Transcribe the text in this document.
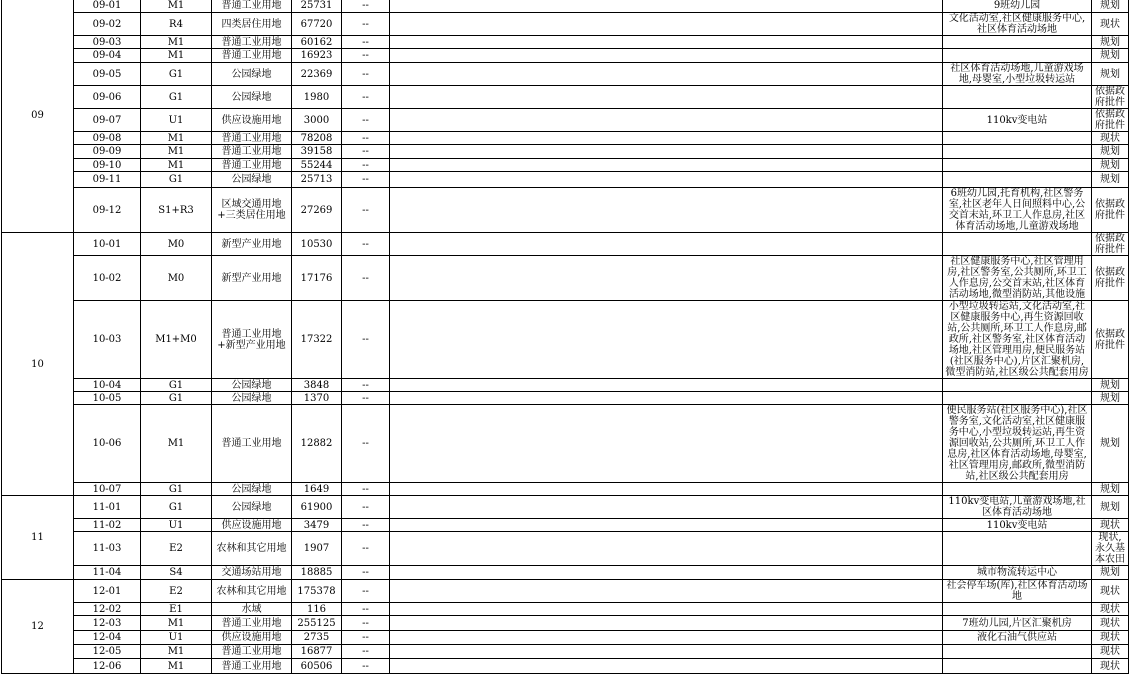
09	09-01	M1	普通工业用地	25731	--		9班幼儿园	规划
	09-02	R4	四类居住用地	67720	--		文化活动室,社区健康服务中心,社区体育活动场地	现状
	09-03	M1	普通工业用地	60162	--			规划
	09-04	M1	普通工业用地	16923	--			规划
	09-05	G1	公园绿地	22369	--		社区体育活动场地,儿童游戏场地,母婴室,小型垃圾转运站	规划
	09-06	G1	公园绿地	1980	--			依据政府批件
	09-07	U1	供应设施用地	3000	--		110kv变电站	依据政府批件
	09-08	M1	普通工业用地	78208	--			现状
	09-09	M1	普通工业用地	39158	--			规划
	09-10	M1	普通工业用地	55244	--			规划
	09-11	G1	公园绿地	25713	--			规划
	09-12	S1+R3	区域交通用地+三类居住用地	27269	--		6班幼儿园,托育机构,社区警务室,社区老年人日间照料中心,公交首末站,环卫工人作息房,社区体育活动场地,儿童游戏场地	依据政府批件
10	10-01	M0	新型产业用地	10530	--			依据政府批件
	10-02	M0	新型产业用地	17176	--		社区健康服务中心,社区管理用房,社区警务室,公共厕所,环卫工人作息房,公交首末站,社区体育活动场地,微型消防站,其他设施	依据政府批件
	10-03	M1+M0	普通工业用地+新型产业用地	17322	--		小型垃圾转运站,文化活动室,社区健康服务中心,再生资源回收站,公共厕所,环卫工人作息房,邮政所,社区警务室,社区体育活动场地,社区管理用房,便民服务站(社区服务中心),片区汇聚机房,微型消防站,社区级公共配套用房	依据政府批件
	10-04	G1	公园绿地	3848	--			规划
	10-05	G1	公园绿地	1370	--			规划
	10-06	M1	普通工业用地	12882	--		便民服务站(社区服务中心),社区警务室,文化活动室,社区健康服务中心,小型垃圾转运站,再生资源回收站,公共厕所,环卫工人作息房,社区体育活动场地,母婴室,社区管理用房,邮政所,微型消防站,社区级公共配套用房	规划
	10-07	G1	公园绿地	1649	--			规划
11	11-01	G1	公园绿地	61900	--		110kv变电站,儿童游戏场地,社区体育活动场地	规划
	11-02	U1	供应设施用地	3479	--		110kv变电站	现状
	11-03	E2	农林和其它用地	1907	--			现状, 永久基本农田
	11-04	S4	交通场站用地	18885	--		城市物流转运中心	规划
12	12-01	E2	农林和其它用地	175378	--		社会停车场(库),社区体育活动场地	现状
	12-02	E1	水域	116	--			现状
	12-03	M1	普通工业用地	255125	--		7班幼儿园,片区汇聚机房	现状
	12-04	U1	供应设施用地	2735	--		液化石油气供应站	现状
	12-05	M1	普通工业用地	16877	--			现状
	12-06	M1	普通工业用地	60506	--			现状
